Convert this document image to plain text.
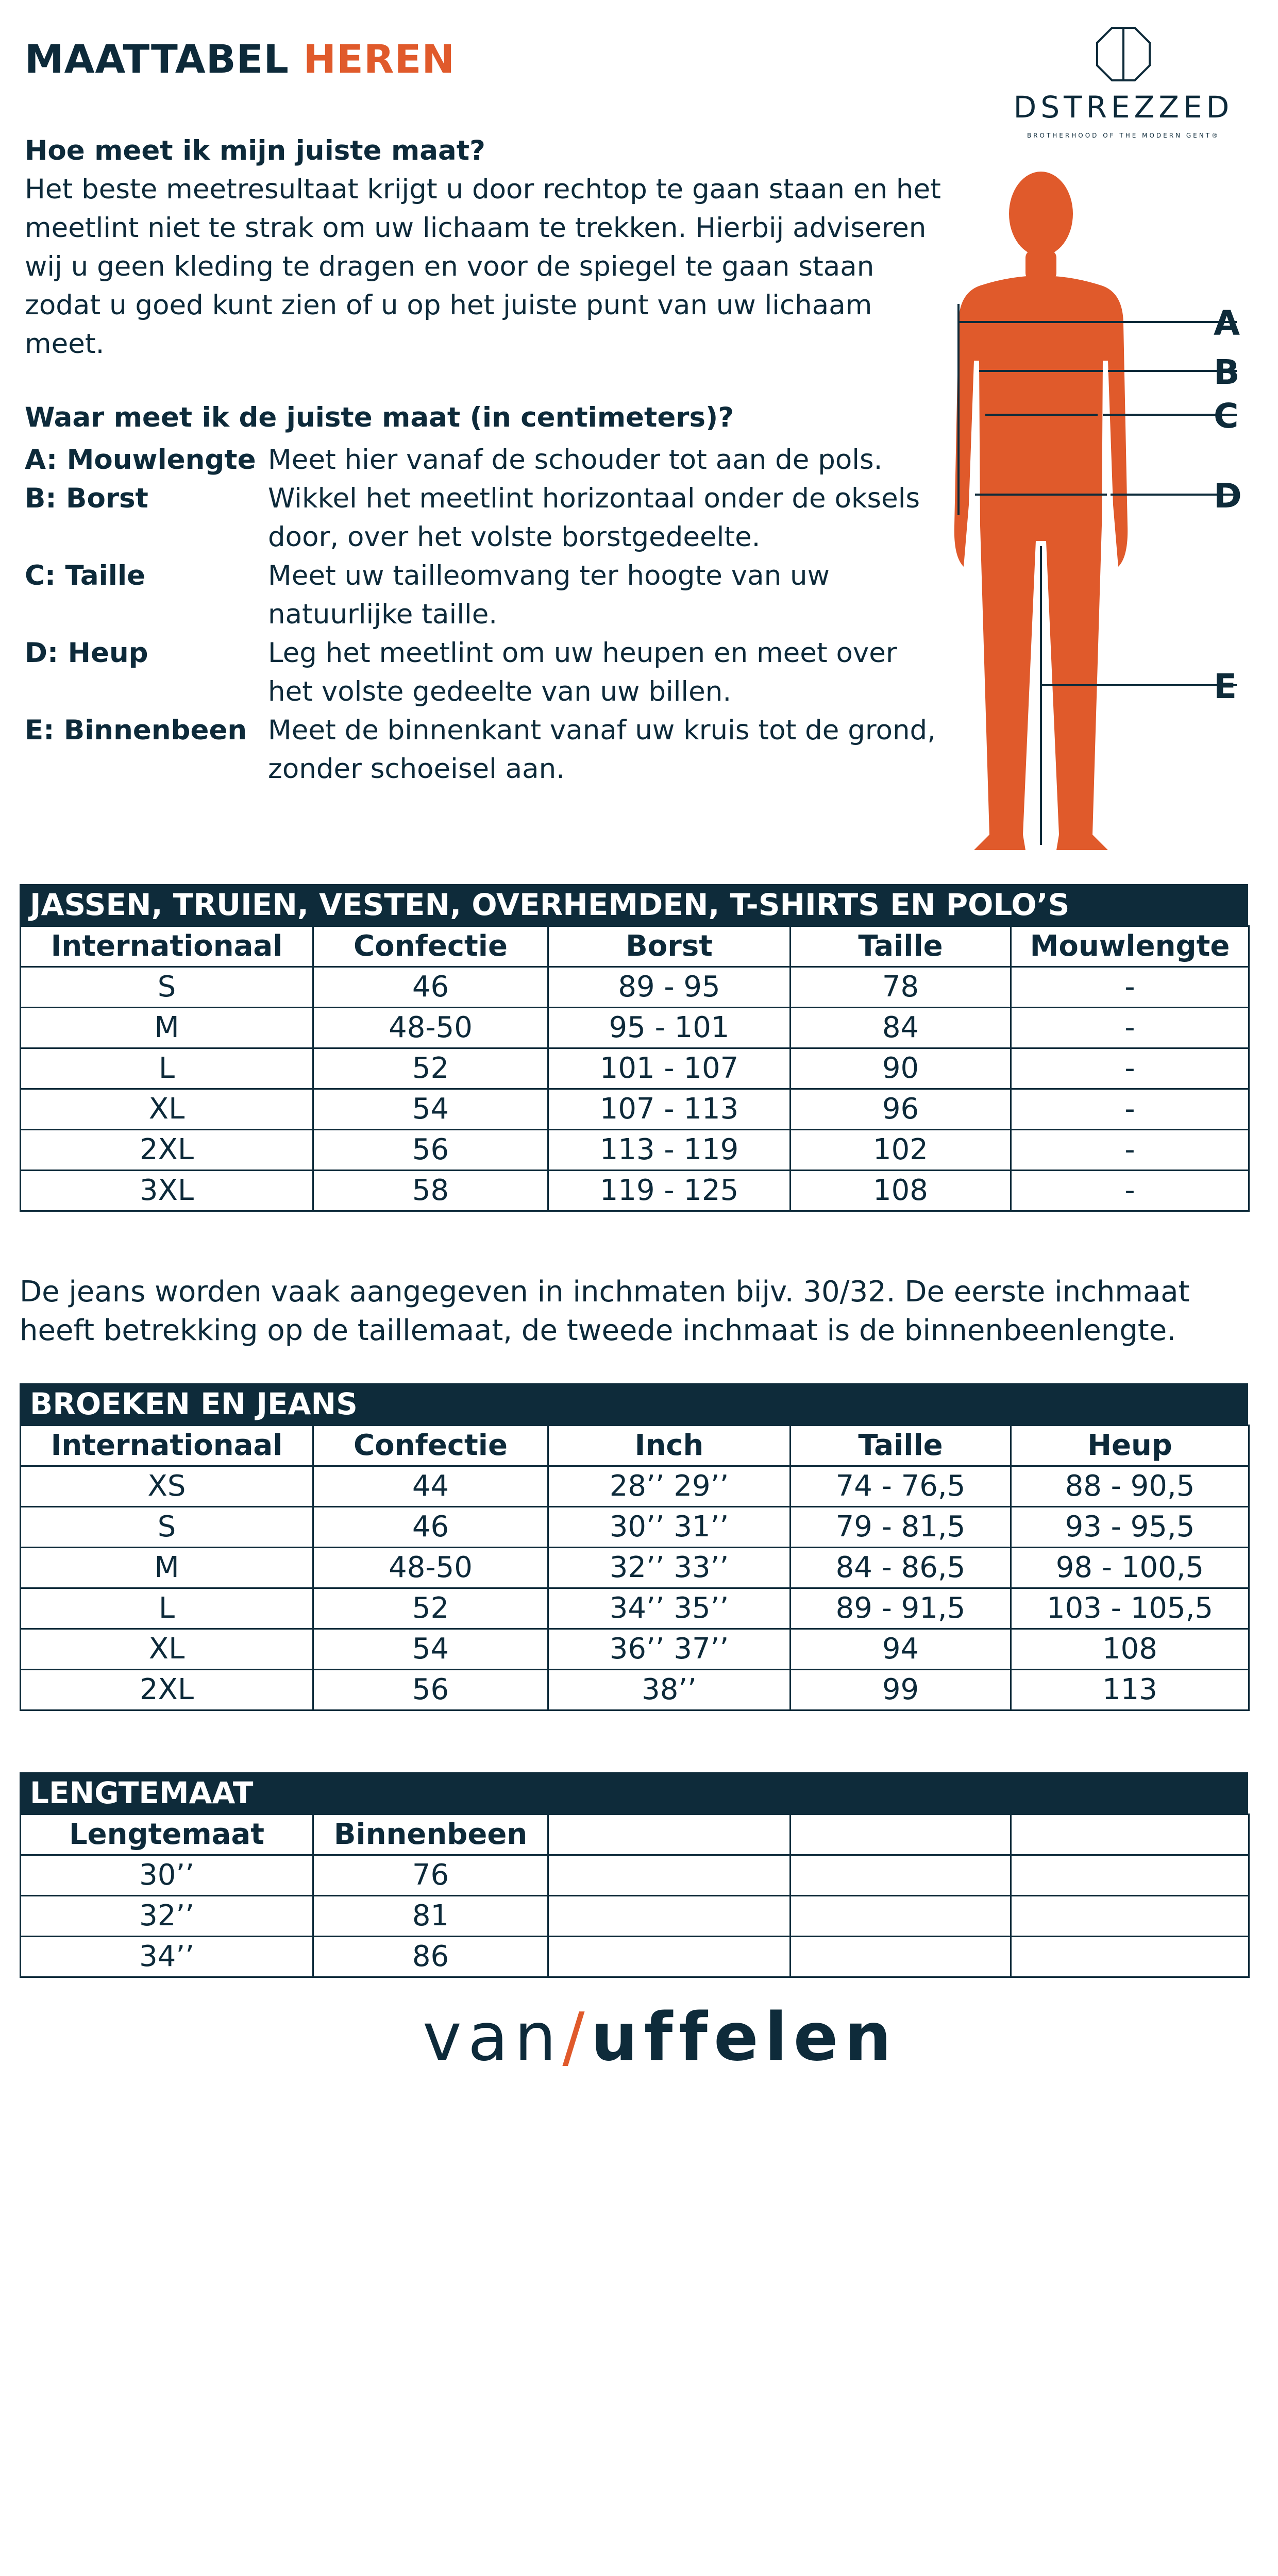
MAATTABEL HEREN
DSTREZZED
BROTHERHOOD OF THE MODERN GENT®
Hoe meet ik mijn juiste maat?
Het beste meetresultaat krijgt u door rechtop te gaan staan en het meetlint niet te strak om uw lichaam te trekken. Hierbij adviseren wij u geen kleding te dragen en voor de spiegel te gaan staan zodat u goed kunt zien of u op het juiste punt van uw lichaam meet.
Waar meet ik de juiste maat (in centimeters)?
A: Mouwlengte Meet hier vanaf de schouder tot aan de pols.
B: Borst	Wikkel het meetlint horizontaal onder de oksels door, over het volste borstgedeelte.
C: Taille	Meet uw tailleomvang ter hoogte van uw natuurlijke taille.
D: Heup	Leg het meetlint om uw heupen en meet over het volste gedeelte van uw billen.
E: Binnenbeen Meet de binnenkant vanaf uw kruis tot de grond, zonder schoeisel aan.
A
B
C
D
E
JASSEN, TRUIEN, VESTEN, OVERHEMDEN, T-SHIRTS EN POLO’S
Internationaal	Confectie	Borst	Taille	Mouwlengte
S	46	89 - 95	78	-
M	48-50	95 - 101	84	-
L	52	101 - 107	90	-
XL	54	107 - 113	96	-
2XL	56	113 - 119	102	-
3XL	58	119 - 125	108	-
De jeans worden vaak aangegeven in inchmaten bijv. 30/32. De eerste inchmaat heeft betrekking op de taillemaat, de tweede inchmaat is de binnenbeenlengte.
BROEKEN EN JEANS
Internationaal	Confectie	Inch	Taille	Heup
XS	44	28’’ 29’’	74 - 76,5	88 - 90,5
S	46	30’’ 31’’	79 - 81,5	93 - 95,5
M	48-50	32’’ 33’’	84 - 86,5	98 - 100,5
L	52	34’’ 35’’	89 - 91,5	103 - 105,5
XL	54	36’’ 37’’	94	108
2XL	56	38’’	99	113
LENGTEMAAT
Lengtemaat	Binnenbeen			
30’’	76			
32’’	81			
34’’	86			
van/uffelen
